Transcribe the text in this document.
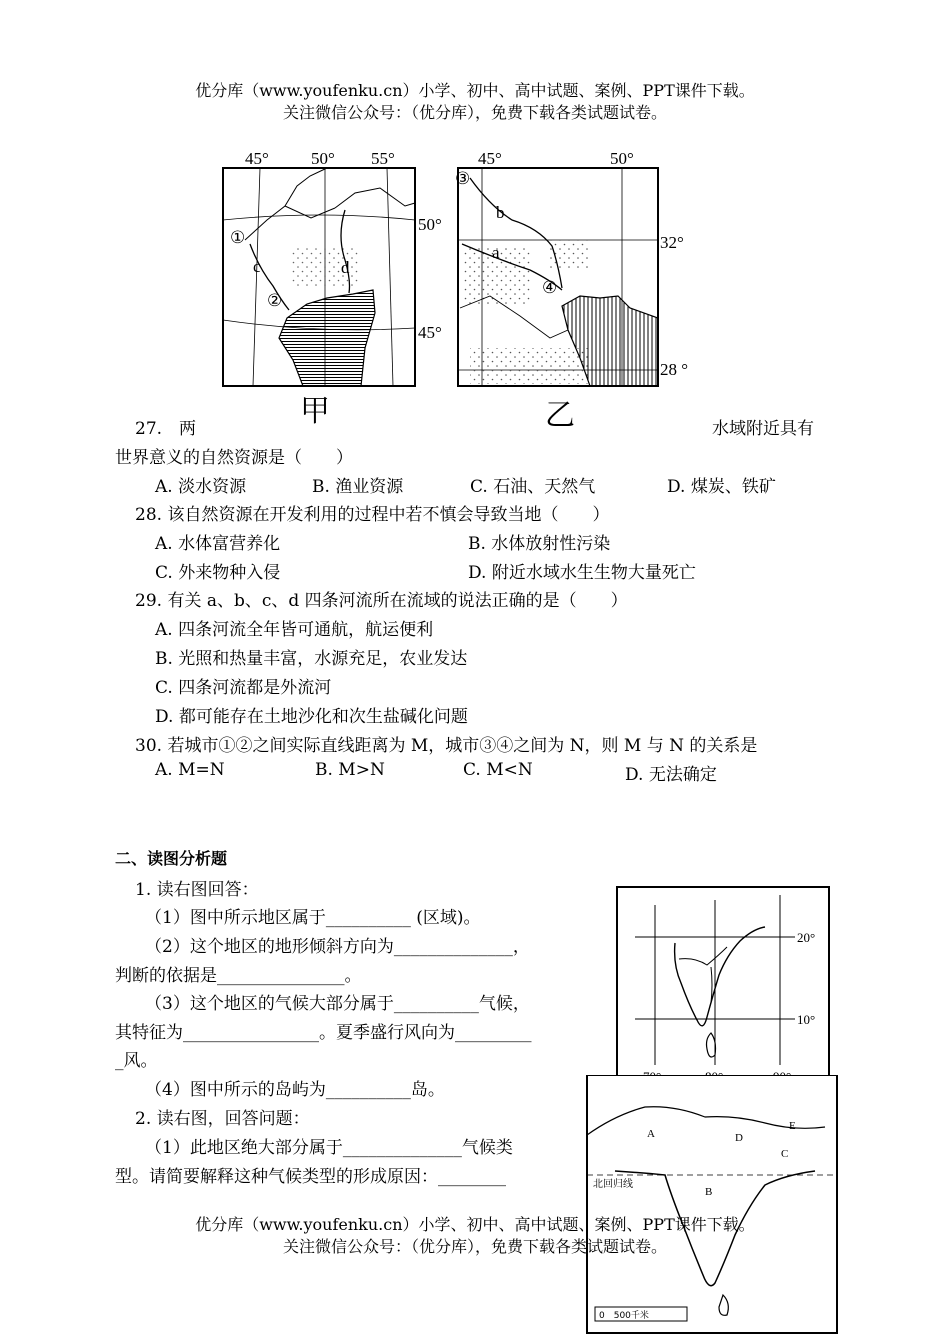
优分库（www.youfenku.cn）小学、初中、高中试题、案例、PPT课件下载。
关注微信公众号：（优分库），免费下载各类试题试卷。
①
②
c	d
45° 50° 55°
50°
45°
甲
③
④
b
a
45°	50°
32°
28 °
乙
27.　两	水域附近具有
世界意义的自然资源是（　　）
A. 淡水资源	B. 渔业资源	C. 石油、天然气	D. 煤炭、铁矿
28. 该自然资源在开发利用的过程中若不慎会导致当地（　　）
A. 水体富营养化	B. 水体放射性污染
C. 外来物种入侵	D. 附近水域水生生物大量死亡
29. 有关 a、b、c、d 四条河流所在流域的说法正确的是（　　）
A. 四条河流全年皆可通航，航运便利
B. 光照和热量丰富，水源充足，农业发达
C. 四条河流都是外流河
D. 都可能存在土地沙化和次生盐碱化问题
30. 若城市①②之间实际直线距离为 M，城市③④之间为 N，则 M 与 N 的关系是
A. M=N	B. M>N	C. M<N	D. 无法确定
二、读图分析题
1. 读右图回答：
（1）图中所示地区属于__________ (区域)。
（2）这个地区的地形倾斜方向为______________，
判断的依据是_______________。
（3）这个地区的气候大部分属于__________气候，
其特征为________________。夏季盛行风向为_________
_风。
（4）图中所示的岛屿为__________岛。
2. 读右图，回答问题：
（1）此地区绝大部分属于______________气候类
型。请简要解释这种气候类型的形成原因：________
20°
10°
A
B
C
D
E
北回归线
0　500千米
优分库（www.youfenku.cn）小学、初中、高中试题、案例、PPT课件下载。
关注微信公众号：（优分库），免费下载各类试题试卷。
